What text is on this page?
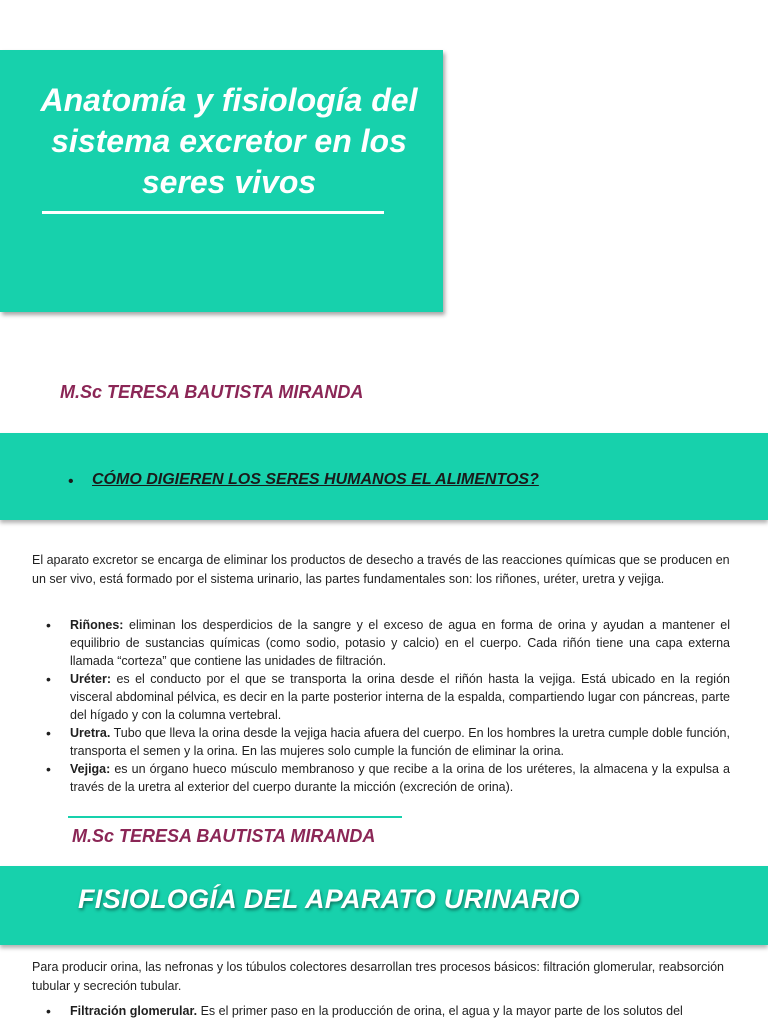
Anatomía y fisiología del sistema excretor en los seres vivos
M.Sc TERESA BAUTISTA MIRANDA
• CÓMO DIGIEREN LOS SERES HUMANOS EL ALIMENTOS?

El aparato excretor se encarga de eliminar los productos de desecho a través de las reacciones químicas que se producen en un ser vivo, está formado por el sistema urinario, las partes fundamentales son: los riñones, uréter, uretra y vejiga.

• Riñones: eliminan los desperdicios de la sangre y el exceso de agua en forma de orina y ayudan a mantener el equilibrio de sustancias químicas (como sodio, potasio y calcio) en el cuerpo. Cada riñón tiene una capa externa llamada “corteza” que contiene las unidades de filtración.
• Uréter: es el conducto por el que se transporta la orina desde el riñón hasta la vejiga. Está ubicado en la región visceral abdominal pélvica, es decir en la parte posterior interna de la espalda, compartiendo lugar con páncreas, parte del hígado y con la columna vertebral.
• Uretra. Tubo que lleva la orina desde la vejiga hacia afuera del cuerpo. En los hombres la uretra cumple doble función, transporta el semen y la orina. En las mujeres solo cumple la función de eliminar la orina.
• Vejiga: es un órgano hueco músculo membranoso y que recibe a la orina de los uréteres, la almacena y la expulsa a través de la uretra al exterior del cuerpo durante la micción (excreción de orina).
M.Sc TERESA BAUTISTA MIRANDA
FISIOLOGÍA DEL APARATO URINARIO

Para producir orina, las nefronas y los túbulos colectores desarrollan tres procesos básicos: filtración glomerular, reabsorción tubular y secreción tubular.

• Filtración glomerular. Es el primer paso en la producción de orina, el agua y la mayor parte de los solutos del
